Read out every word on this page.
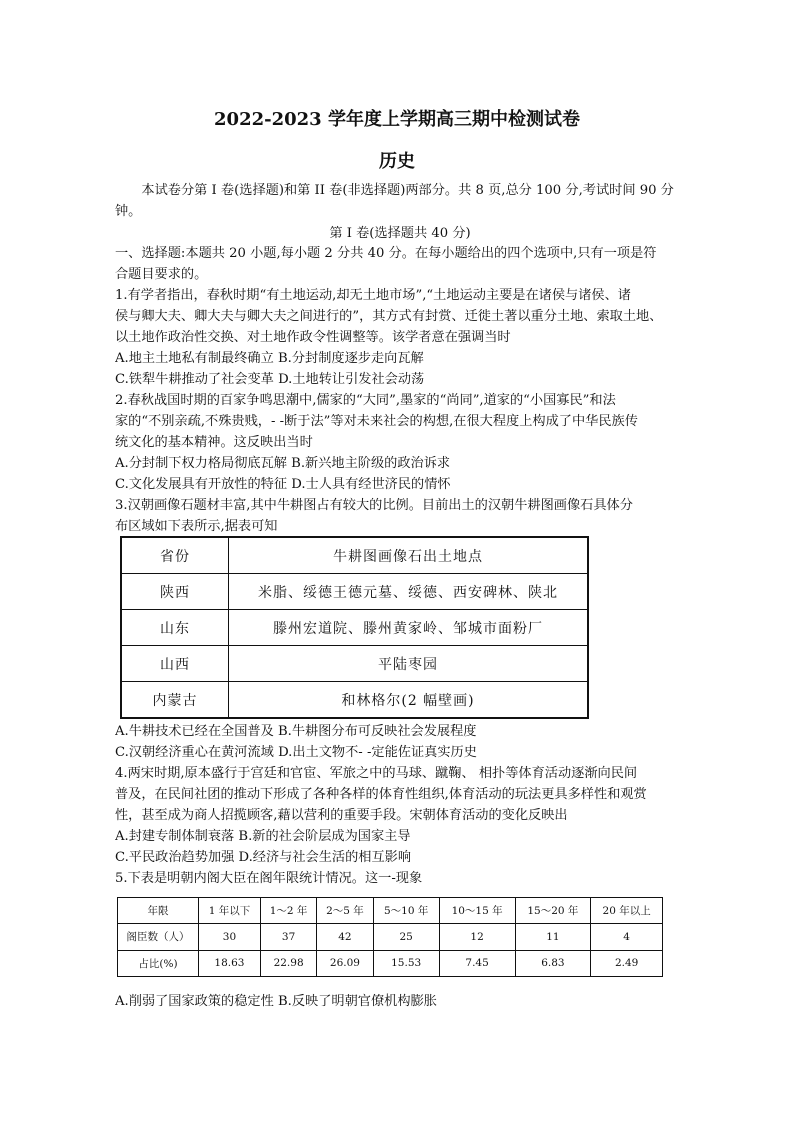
2022-2023 学年度上学期高三期中检测试卷
历史
本试卷分第 I 卷(选择题)和第 II 卷(非选择题)两部分。共 8 页,总分 100 分,考试时间 90 分钟。
第 I 卷(选择题共 40 分)
一、选择题:本题共 20 小题,每小题 2 分共 40 分。在每小题给出的四个选项中,只有一项是符
合题目要求的。
1.有学者指出，春秋时期“有土地运动,却无土地市场”,“土地运动主要是在诸侯与诸侯、诸
侯与卿大夫、卿大夫与卿大夫之间进行的”，其方式有封赏、迁徙土著以重分土地、索取土地、
以土地作政治性交换、对土地作政令性调整等。该学者意在强调当时
A.地主土地私有制最终确立 B.分封制度逐步走向瓦解
C.铁犁牛耕推动了社会变革 D.土地转让引发社会动荡
2.春秋战国时期的百家争鸣思潮中,儒家的“大同”,墨家的“尚同”,道家的“小国寡民”和法
家的“不别亲疏,不殊贵贱，- -断于法”等对未来社会的构想,在很大程度上构成了中华民族传
统文化的基本精神。这反映出当时
A.分封制下权力格局彻底瓦解 B.新兴地主阶级的政治诉求
C.文化发展具有开放性的特征 D.士人具有经世济民的情怀
3.汉朝画像石题材丰富,其中牛耕图占有较大的比例。目前出土的汉朝牛耕图画像石具体分
布区域如下表所示,据表可知
省份	牛耕图画像石出土地点
陕西	米脂、绥德王德元墓、绥德、西安碑林、陕北
山东	滕州宏道院、滕州黄家岭、邹城市面粉厂
山西	平陆枣园
内蒙古	和林格尔(2 幅壁画)
A.牛耕技术已经在全国普及 B.牛耕图分布可反映社会发展程度
C.汉朝经济重心在黄河流域 D.出土文物不- -定能佐证真实历史
4.两宋时期,原本盛行于宫廷和官宦、军旅之中的马球、蹴鞠、 相扑等体育活动逐渐向民间
普及，在民间社团的推动下形成了各种各样的体育性组织,体育活动的玩法更具多样性和观赏
性，甚至成为商人招揽顾客,藉以营利的重要手段。宋朝体育活动的变化反映出
A.封建专制体制衰落 B.新的社会阶层成为国家主导
C.平民政治趋势加强 D.经济与社会生活的相互影响
5.下表是明朝内阁大臣在阁年限统计情况。这一-现象
年限	1 年以下	1～2 年	2～5 年	5～10 年	10～15 年	15～20 年	20 年以上
阁臣数（人）	30	37	42	25	12	11	4
占比(%)	18.63	22.98	26.09	15.53	7.45	6.83	2.49
A.削弱了国家政策的稳定性 B.反映了明朝官僚机构膨胀
